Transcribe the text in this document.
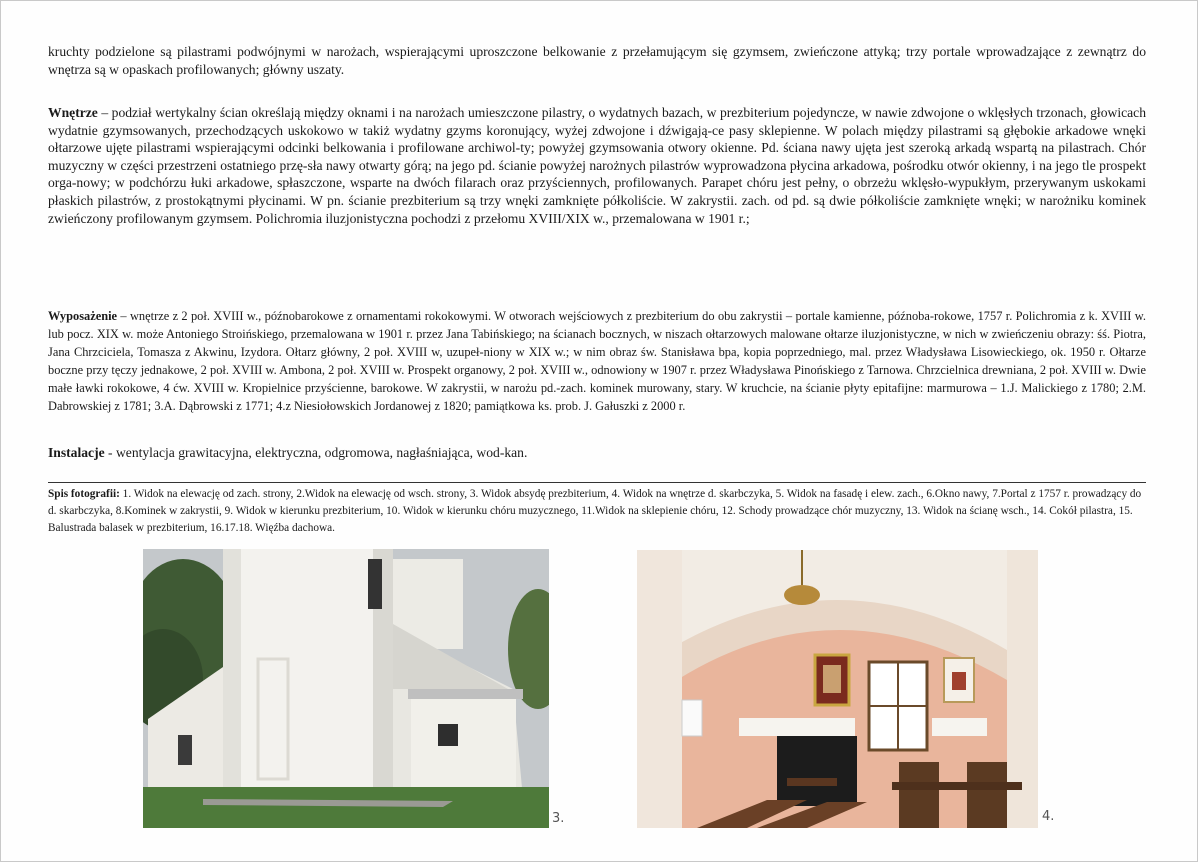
kruchty podzielone są pilastrami podwójnymi w narożach, wspierającymi uproszczone belkowanie z przełamującym się gzymsem, zwieńczone attyką; trzy portale wprowadzające z zewnątrz do wnętrza są w opaskach profilowanych; główny uszaty.

Wnętrze – podział wertykalny ścian określają między oknami i na narożach umieszczone pilastry, o wydatnych bazach, w prezbiterium pojedyncze, w nawie zdwojone o wklęsłych trzonach, głowicach wydatnie gzymsowanych, przechodzących uskokowo w takiż wydatny gzyms koronujący, wyżej zdwojone i dźwigają-ce pasy sklepienne. W polach między pilastrami są głębokie arkadowe wnęki ołtarzowe ujęte pilastrami wspierającymi odcinki belkowania i profilowane archiwol-ty; powyżej gzymsowania otwory okienne. Pd. ściana nawy ujęta jest szeroką arkadą wspartą na pilastrach. Chór muzyczny w części przestrzeni ostatniego przę-sła nawy otwarty górą; na jego pd. ścianie powyżej narożnych pilastrów wyprowadzona płycina arkadowa, pośrodku otwór okienny, i na jego tle prospekt orga-nowy; w podchórzu łuki arkadowe, spłaszczone, wsparte na dwóch filarach oraz przyściennych, profilowanych. Parapet chóru jest pełny, o obrzeżu wklęsło-wypukłym, przerywanym uskokami płaskich pilastrów, z prostokątnymi płycinami. W pn. ścianie prezbiterium są trzy wnęki zamknięte półkoliście. W zakrystii. zach. od pd. są dwie półkoliście zamknięte wnęki; w narożniku kominek zwieńczony profilowanym gzymsem. Polichromia iluzjonistyczna pochodzi z przełomu XVIII/XIX w., przemalowana w 1901 r.;

Wyposażenie – wnętrze z 2 poł. XVIII w., późnobarokowe z ornamentami rokokowymi. W otworach wejściowych z prezbiterium do obu zakrystii – portale kamienne, późnoba-rokowe, 1757 r. Polichromia z k. XVIII w. lub pocz. XIX w. może Antoniego Stroińskiego, przemalowana w 1901 r. przez Jana Tabińskiego; na ścianach bocznych, w niszach ołtarzowych malowane ołtarze iluzjonistyczne, w nich w zwieńczeniu obrazy: śś. Piotra, Jana Chrzciciela, Tomasza z Akwinu, Izydora. Ołtarz główny, 2 poł. XVIII w, uzupeł-niony w XIX w.; w nim obraz św. Stanisława bpa, kopia poprzedniego, mal. przez Władysława Lisowieckiego, ok. 1950 r. Ołtarze boczne przy tęczy jednakowe, 2 poł. XVIII w. Ambona, 2 poł. XVIII w. Prospekt organowy, 2 poł. XVIII w., odnowiony w 1907 r. przez Władysława Pinońskiego z Tarnowa. Chrzcielnica drewniana, 2 poł. XVIII w. Dwie małe ławki rokokowe, 4 ćw. XVIII w. Kropielnice przyścienne, barokowe. W zakrystii, w narożu pd.-zach. kominek murowany, stary. W kruchcie, na ścianie płyty epitafijne: marmurowa – 1.J. Malickiego z 1780; 2.M. Dabrowskiej z 1781; 3.A. Dąbrowski z 1771; 4.z Niesiołowskich Jordanowej z 1820; pamiątkowa ks. prob. J. Gałuszki z 2000 r.

Instalacje - wentylacja grawitacyjna, elektryczna, odgromowa, nagłaśniająca, wod-kan.

Spis fotografii: 1. Widok na elewację od zach. strony, 2.Widok na elewację od wsch. strony, 3. Widok absydę prezbiterium, 4. Widok na wnętrze d. skarbczyka, 5. Widok na fasadę i elew. zach., 6.Okno nawy, 7.Portal z 1757 r. prowadzący do d. skarbczyka, 8.Kominek w zakrystii, 9. Widok w kierunku prezbiterium, 10. Widok w kierunku chóru muzycznego, 11.Widok na sklepienie chóru, 12. Schody prowadzące chór muzyczny, 13. Widok na ścianę wsch., 14. Cokół pilastra, 15. Balustrada balasek w prezbiterium, 16.17.18. Więźba dachowa.

3.	4.
